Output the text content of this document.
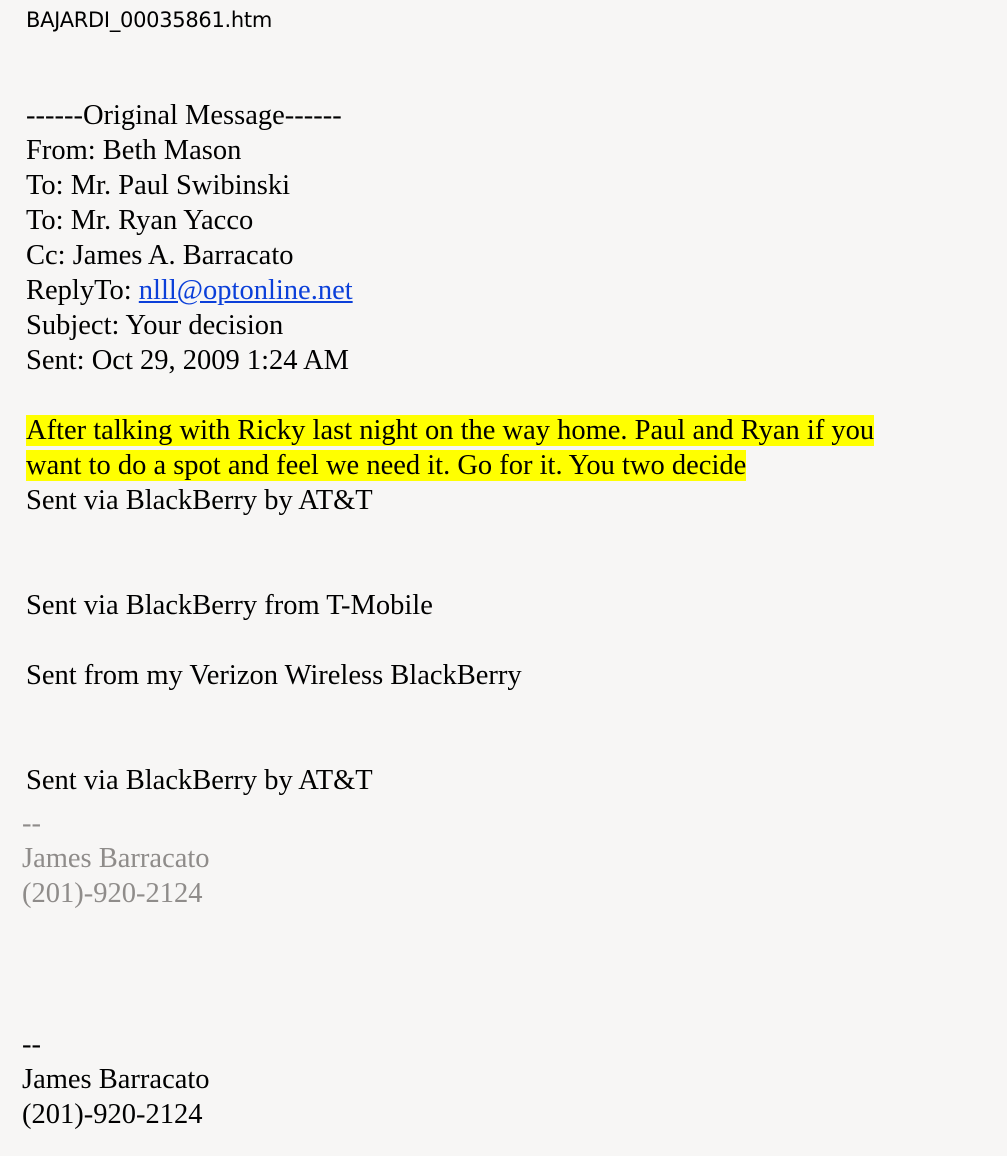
BAJARDI_00035861.htm
------Original Message------
From: Beth Mason
To: Mr. Paul Swibinski
To: Mr. Ryan Yacco
Cc: James A. Barracato
ReplyTo: nlll@optonline.net
Subject: Your decision
Sent: Oct 29, 2009 1:24 AM
After talking with Ricky last night on the way home. Paul and Ryan if you
want to do a spot and feel we need it. Go for it. You two decide
Sent via BlackBerry by AT&T
Sent via BlackBerry from T-Mobile
Sent from my Verizon Wireless BlackBerry
Sent via BlackBerry by AT&T
--
James Barracato
(201)-920-2124
--
James Barracato
(201)-920-2124
